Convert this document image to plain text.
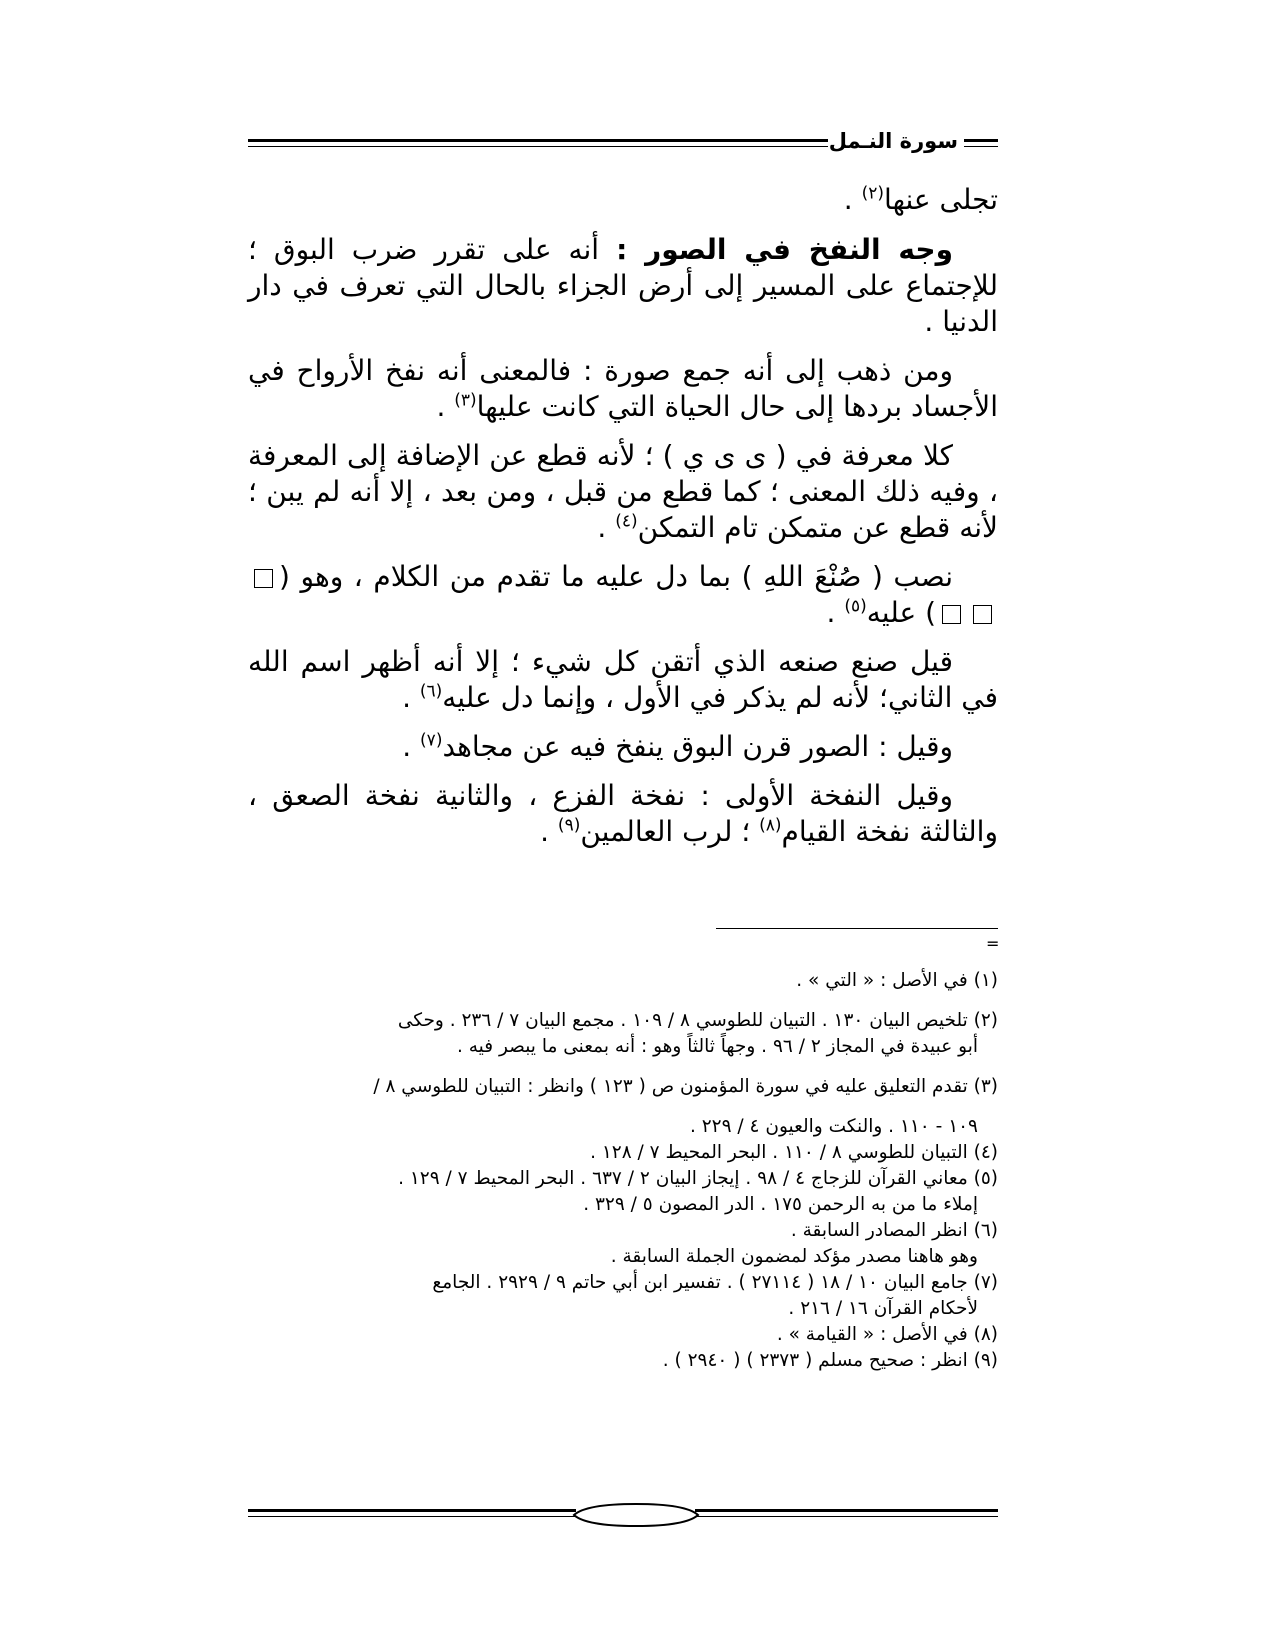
سورة النـمل

تجلى عنها$^{(٢)}$ .

وجه النفخ في الصور : أنه على تقرر ضرب البوق ؛ للإجتماع على المسير إلى أرض الجزاء بالحال التي تعرف في دار الدنيا .

ومن ذهب إلى أنه جمع صورة : فالمعنى أنه نفخ الأرواح في الأجساد بردها إلى حال الحياة التي كانت عليها$^{(٣)}$ .

كلا معرفة في ( ى ى ي ) ؛ لأنه قطع عن الإضافة إلى المعرفة ، وفيه ذلك المعنى ؛ كما قطع من قبل ، ومن بعد ، إلا أنه لم يبن ؛ لأنه قطع عن متمكن تام التمكن$^{(٤)}$ .

نصب ( صُنْعَ اللهِ ) بما دل عليه ما تقدم من الكلام ، وهو () عليه$^{(٥)}$ .

قيل صنع صنعه الذي أتقن كل شيء ؛ إلا أنه أظهر اسم الله في الثاني؛ لأنه لم يذكر في الأول ، وإنما دل عليه$^{(٦)}$ .

وقيل : الصور قرن البوق ينفخ فيه عن مجاهد$^{(٧)}$ .

وقيل النفخة الأولى : نفخة الفزع ، والثانية نفخة الصعق ، والثالثة نفخة القيام$^{(٨)}$ ؛ لرب العالمين$^{(٩)}$ .

=

(١) في الأصل : « التي » .

(٢) تلخيص البيان ١٣٠ . التبيان للطوسي ٨ / ١٠٩ . مجمع البيان ٧ / ٢٣٦ . وحكى

أبو عبيدة في المجاز ٢ / ٩٦ . وجهاً ثالثاً وهو : أنه بمعنى ما يبصر فيه .

(٣) تقدم التعليق عليه في سورة المؤمنون ص ( ١٢٣ ) وانظر : التبيان للطوسي ٨ /

١٠٩ - ١١٠ . والنكت والعيون ٤ / ٢٢٩ .

(٤) التبيان للطوسي ٨ / ١١٠ . البحر المحيط ٧ / ١٢٨ .

(٥) معاني القرآن للزجاج ٤ / ٩٨ . إيجاز البيان ٢ / ٦٣٧ . البحر المحيط ٧ / ١٢٩ .

إملاء ما من به الرحمن ١٧٥ . الدر المصون ٥ / ٣٢٩ .

(٦) انظر المصادر السابقة .

وهو هاهنا مصدر مؤكد لمضمون الجملة السابقة .

(٧) جامع البيان ١٠ / ١٨ ( ٢٧١١٤ ) . تفسير ابن أبي حاتم ٩ / ٢٩٢٩ . الجامع

لأحكام القرآن ١٦ / ٢١٦ .

(٨) في الأصل : « القيامة » .

(٩) انظر : صحيح مسلم ( ٢٣٧٣ ) ( ٢٩٤٠ ) .
